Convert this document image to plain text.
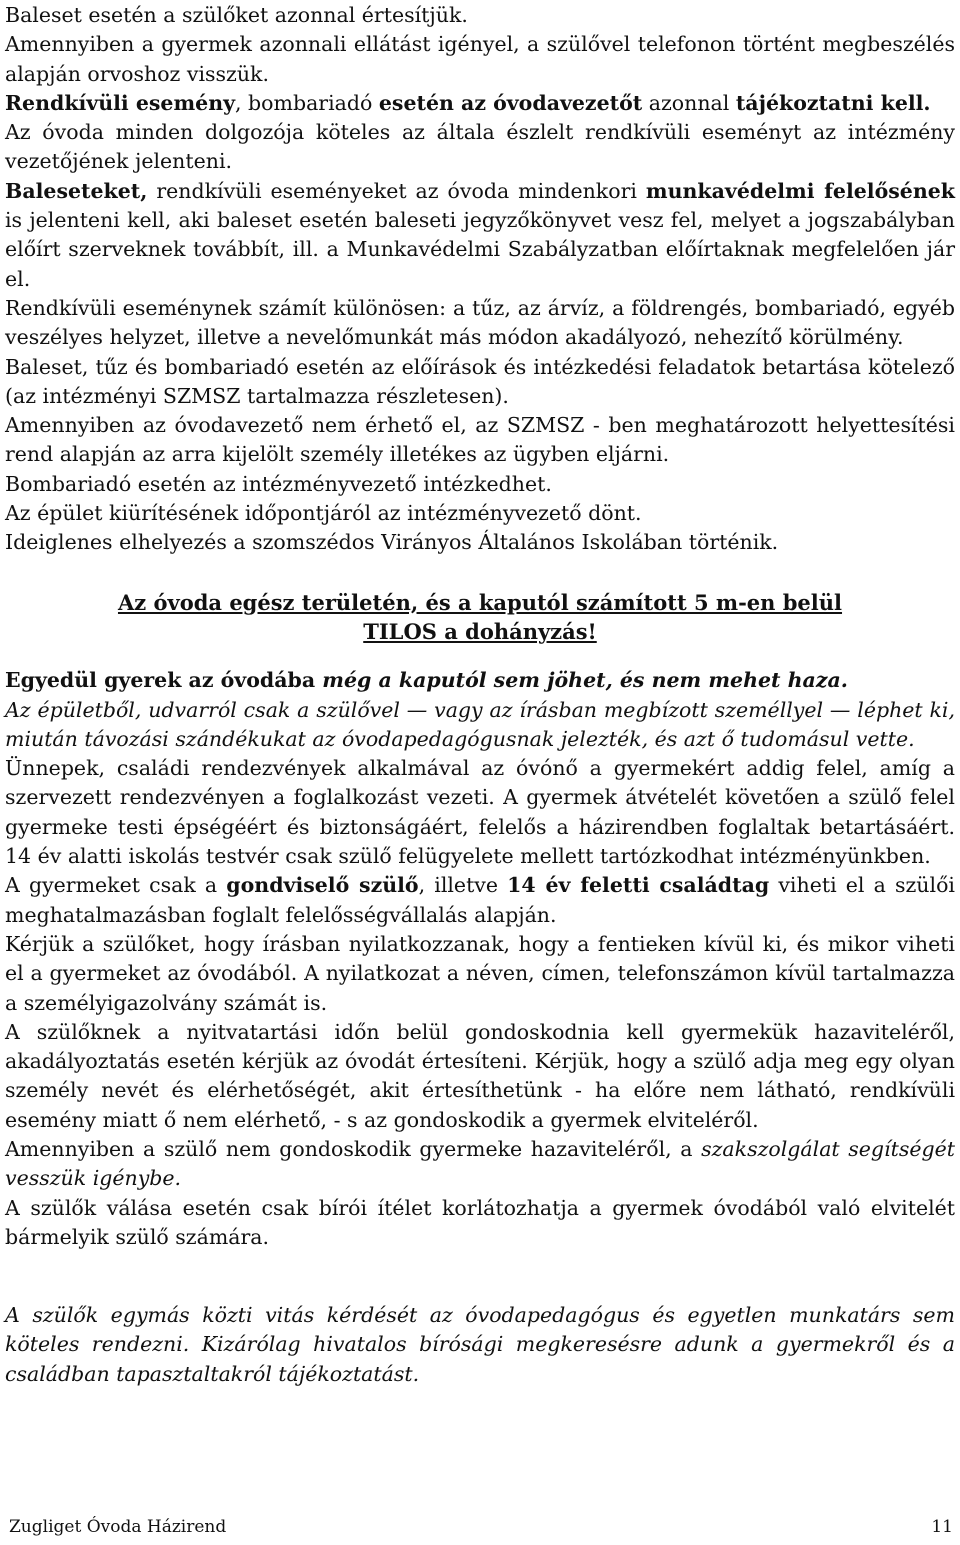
Baleset esetén a szülőket azonnal értesítjük.

Amennyiben a gyermek azonnali ellátást igényel, a szülővel telefonon történt megbeszélés alapján orvoshoz visszük.

Rendkívüli esemény, bombariadó esetén az óvodavezetőt azonnal tájékoztatni kell.

Az óvoda minden dolgozója köteles az általa észlelt rendkívüli eseményt az intézmény vezetőjének jelenteni.

Baleseteket, rendkívüli eseményeket az óvoda mindenkori munkavédelmi felelősének is jelenteni kell, aki baleset esetén baleseti jegyzőkönyvet vesz fel, melyet a jogszabályban előírt szerveknek továbbít, ill. a Munkavédelmi Szabályzatban előírtaknak megfelelően jár el.

Rendkívüli eseménynek számít különösen: a tűz, az árvíz, a földrengés, bombariadó, egyéb veszélyes helyzet, illetve a nevelőmunkát más módon akadályozó, nehezítő körülmény.

Baleset, tűz és bombariadó esetén az előírások és intézkedési feladatok betartása kötelező (az intézményi SZMSZ tartalmazza részletesen).

Amennyiben az óvodavezető nem érhető el, az SZMSZ - ben meghatározott helyettesítési rend alapján az arra kijelölt személy illetékes az ügyben eljárni.

Bombariadó esetén az intézményvezető intézkedhet.

Az épület kiürítésének időpontjáról az intézményvezető dönt.

Ideiglenes elhelyezés a szomszédos Virányos Általános Iskolában történik.

Az óvoda egész területén, és a kaputól számított 5 m-en belül
TILOS a dohányzás!

Egyedül gyerek az óvodába még a kaputól sem jöhet, és nem mehet haza.

Az épületből, udvarról csak a szülővel — vagy az írásban megbízott személlyel — léphet ki, miután távozási szándékukat az óvodapedagógusnak jelezték, és azt ő tudomásul vette.

Ünnepek, családi rendezvények alkalmával az óvónő a gyermekért addig felel, amíg a szervezett rendezvényen a foglalkozást vezeti. A gyermek átvételét követően a szülő felel gyermeke testi épségéért és biztonságáért, felelős a házirendben foglaltak betartásáért. 14 év alatti iskolás testvér csak szülő felügyelete mellett tartózkodhat intézményünkben.

A gyermeket csak a gondviselő szülő, illetve 14 év feletti családtag viheti el a szülői meghatalmazásban foglalt felelősségvállalás alapján.

Kérjük a szülőket, hogy írásban nyilatkozzanak, hogy a fentieken kívül ki, és mikor viheti el a gyermeket az óvodából. A nyilatkozat a néven, címen, telefonszámon kívül tartalmazza a személyigazolvány számát is.

A szülőknek a nyitvatartási időn belül gondoskodnia kell gyermekük hazaviteléről, akadályoztatás esetén kérjük az óvodát értesíteni. Kérjük, hogy a szülő adja meg egy olyan személy nevét és elérhetőségét, akit értesíthetünk - ha előre nem látható, rendkívüli esemény miatt ő nem elérhető, - s az gondoskodik a gyermek elviteléről.

Amennyiben a szülő nem gondoskodik gyermeke hazaviteléről, a szakszolgálat segítségét vesszük igénybe.

A szülők válása esetén csak bírói ítélet korlátozhatja a gyermek óvodából való elvitelét bármelyik szülő számára.

A szülők egymás közti vitás kérdését az óvodapedagógus és egyetlen munkatárs sem köteles rendezni. Kizárólag hivatalos bírósági megkeresésre adunk a gyermekről és a családban tapasztaltakról tájékoztatást.

Zugliget Óvoda Házirend	11
